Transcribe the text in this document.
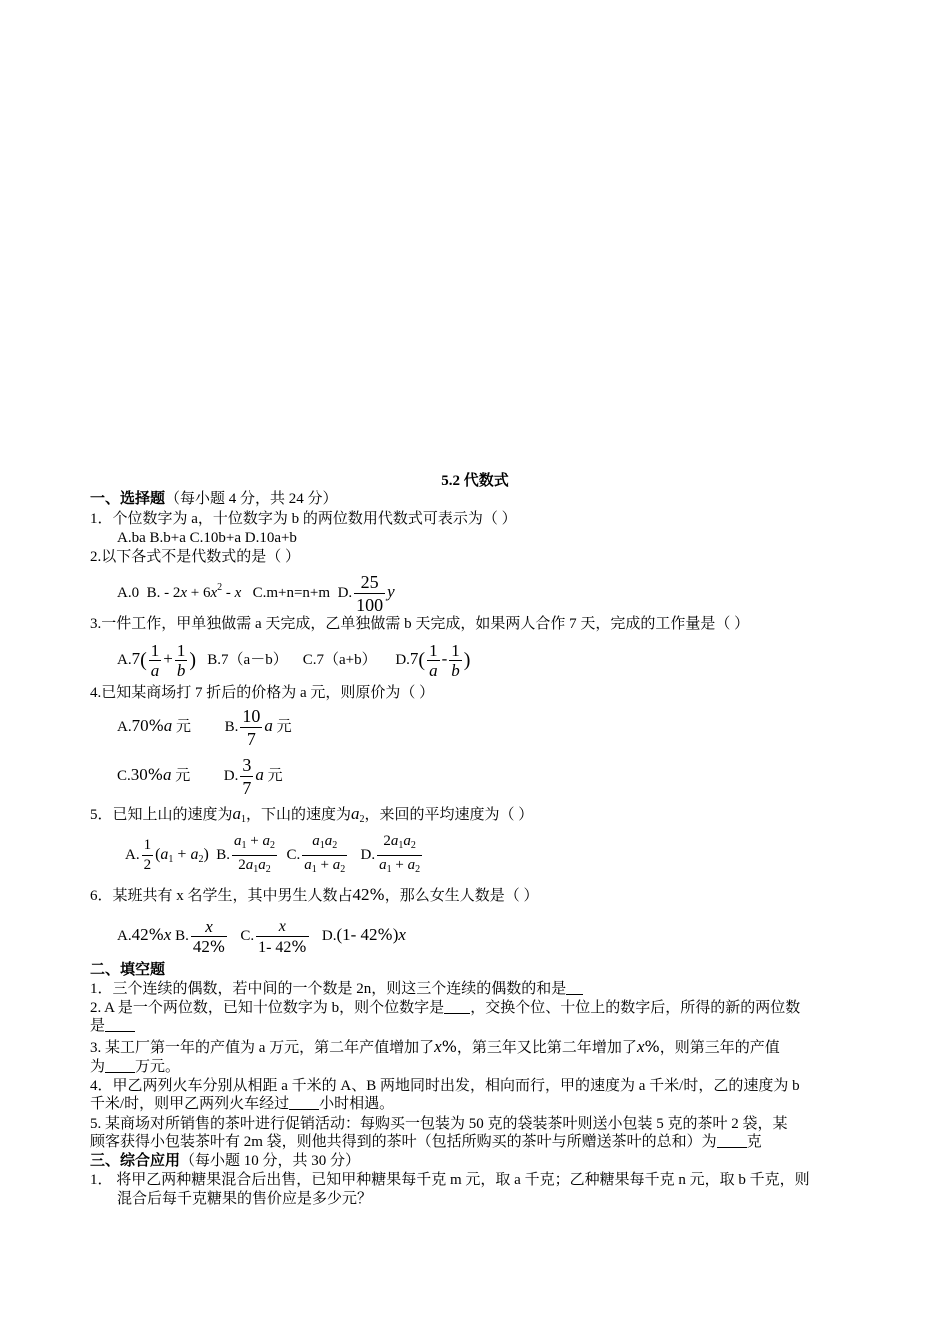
5.2 代数式
一、选择题（每小题 4 分，共 24 分）
1．个位数字为 a，十位数字为 b 的两位数用代数式可表示为（ ）
A.ba B.b+a C.10b+a D.10a+b
2.以下各式不是代数式的是（ ）
A.0 B. - $2x + 6x^2 - x$ C.m+n=n+m D. $\frac{25}{100}$ y
3.一件工作，甲单独做需 a 天完成，乙单独做需 b 天完成，如果两人合作 7 天，完成的工作量是（ ）
$A.7( \frac{1}{a} + \frac{1}{b}$ ) B.7（a－b） C.7（a+b） $D.7( \frac{1}{a} - \frac{1}{b}$ )
4.已知某商场打 7 折后的价格为 a 元，则原价为（ ）
A.70%a 元 B. $\frac{10}{7}$ a 元
C.30%a 元 D. $\frac{3}{7}$ a 元
5．已知上山的速度为$a_1$，下山的速度为$a_2$，来回的平均速度为（ ）
A. $\frac{1}{2} (a_1 + a_2)$ B. $\frac{a_1 + a_2}{2a_1a_2} C$. $\frac{a_1a_2}{a_1 + a_2} D$. $\frac{2a_1a_2}{a_1 + a_2}$
6．某班共有 x 名学生，其中男生人数占42%，那么女生人数是（ ）
A.42%x B. $\frac{x}{42\%} C$. $\frac{x}{1- 42\%} D.(1-$ 42%)x
二、填空题
1．三个连续的偶数，若中间的一个数是 2n，则这三个连续的偶数的和是
2. A 是一个两位数，已知十位数字为 b，则个位数字是 ，交换个位、十位上的数字后，所得的新的两位数
是
3. 某工厂第一年的产值为 a 万元，第二年产值增加了x%，第三年又比第二年增加了x%，则第三年的产值
为 万元。
4．甲乙两列火车分别从相距 a 千米的 A、B 两地同时出发，相向而行，甲的速度为 a 千米/时，乙的速度为 b
千米/时，则甲乙两列火车经过 小时相遇。
5. 某商场对所销售的茶叶进行促销活动：每购买一包装为 50 克的袋装茶叶则送小包装 5 克的茶叶 2 袋，某
顾客获得小包装茶叶有 2m 袋，则他共得到的茶叶（包括所购买的茶叶与所赠送茶叶的总和）为 克
三、综合应用（每小题 10 分，共 30 分）
1． 将甲乙两种糖果混合后出售，已知甲种糖果每千克 m 元，取 a 千克；乙种糖果每千克 n 元，取 b 千克，则
混合后每千克糖果的售价应是多少元？
